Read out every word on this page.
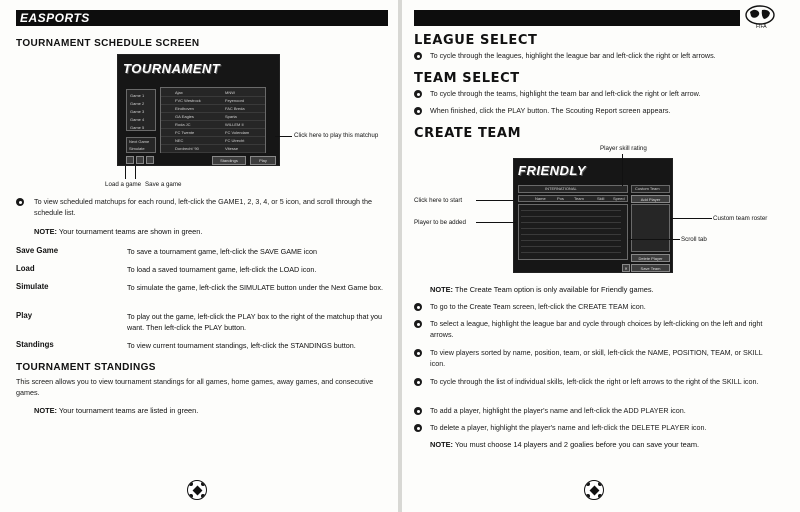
EASPORTS
TOURNAMENT SCHEDULE SCREEN
TOURNAMENT
Game 1
Game 2
Game 3
Game 4
Game 5
Ajax	MNW
FVC Westrock	Feyenoord
Eindhoven	FAC Breda
GA Eagles	Sparta
Roda JC	WILLEM II
FC Twente	FC Volendam
NEC	FC Utrecht
Dordrecht '90	Vitesse
Next Game
Simulate
Standings	Play
Click here to play this matchup
Load a game Save a game
To view scheduled matchups for each round, left-click the GAME1, 2, 3, 4, or 5 icon, and scroll through the schedule list.
NOTE: Your tournament teams are shown in green.
Save Game	To save a tournament game, left-click the SAVE GAME icon
Load	To load a saved tournament game, left-click the LOAD icon.
Simulate	To simulate the game, left-click the SIMULATE button under the Next Game box.
Play	To play out the game, left-click the PLAY box to the right of the matchup that you want. Then left-click the PLAY button.
Standings	To view current tournament standings, left-click the STANDINGS button.
TOURNAMENT STANDINGS
This screen allows you to view tournament standings for all games, home games, away games, and consecutive games.
NOTE: Your tournament teams are listed in green.
FIFA
LEAGUE SELECT
To cycle through the leagues, highlight the league bar and left-click the right or left arrows.
TEAM SELECT
To cycle through the teams, highlight the team bar and left-click the right or left arrow.
When finished, click the PLAY button. The Scouting Report screen appears.
CREATE TEAM
FRIENDLY
INTERNATIONAL
Name	Pos	Team	Skill Speed
Custom Team
Add Player
Delete Player
Save Team
✕
Player skill rating
Click here to start
Player to be added
Custom team roster
Scroll tab
NOTE: The Create Team option is only available for Friendly games.
To go to the Create Team screen, left-click the CREATE TEAM icon.
To select a league, highlight the league bar and cycle through choices by left-clicking on the left and right arrows.
To view players sorted by name, position, team, or skill, left-click the NAME, POSITION, TEAM, or SKILL icon.
To cycle through the list of individual skills, left-click the right or left arrows to the right of the SKILL icon.
To add a player, highlight the player's name and left-click the ADD PLAYER icon.
To delete a player, highlight the player's name and left-click the DELETE PLAYER icon.
NOTE: You must choose 14 players and 2 goalies before you can save your team.
